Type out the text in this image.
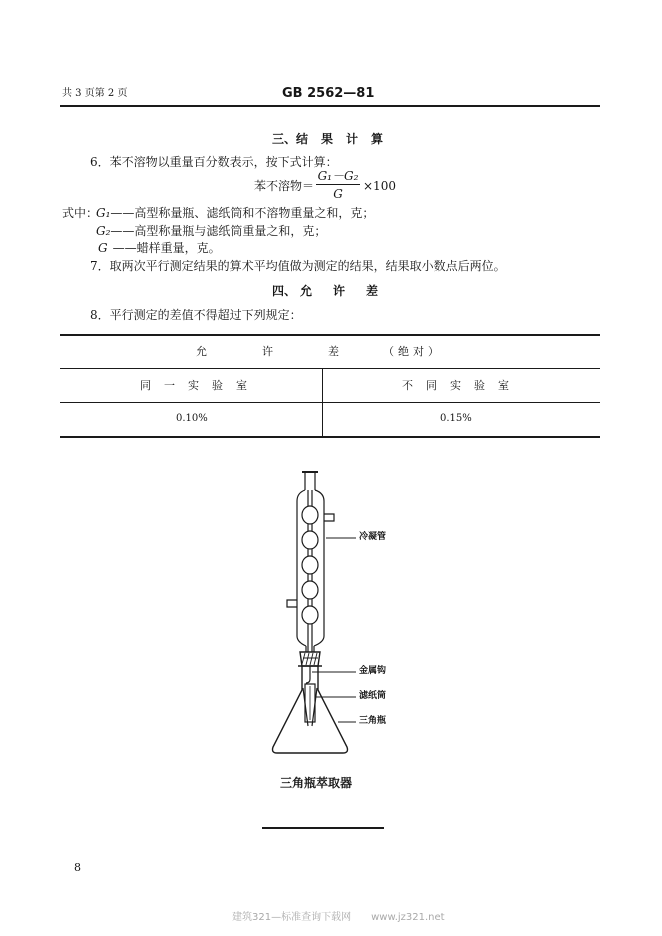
共 3 页第 2 页	GB 2562—81
三、结果计算
6．苯不溶物以重量百分数表示，按下式计算：
苯不溶物＝
G₁－G₂
G
×100
式中：
G₁——高型称量瓶、滤纸筒和不溶物重量之和，克；
G₂——高型称量瓶与滤纸筒重量之和，克；
G ——蜡样重量，克。
7．取两次平行测定结果的算术平均值做为测定的结果，结果取小数点后两位。
四、 允许差
8．平行测定的差值不得超过下列规定：
允许差
（绝对）
同一实验室	不同实验室
0.10%	0.15%
冷凝管
金属钩
滤纸筒
三角瓶
三角瓶萃取器
8
建筑321—标准查询下载网　　www.jz321.net
